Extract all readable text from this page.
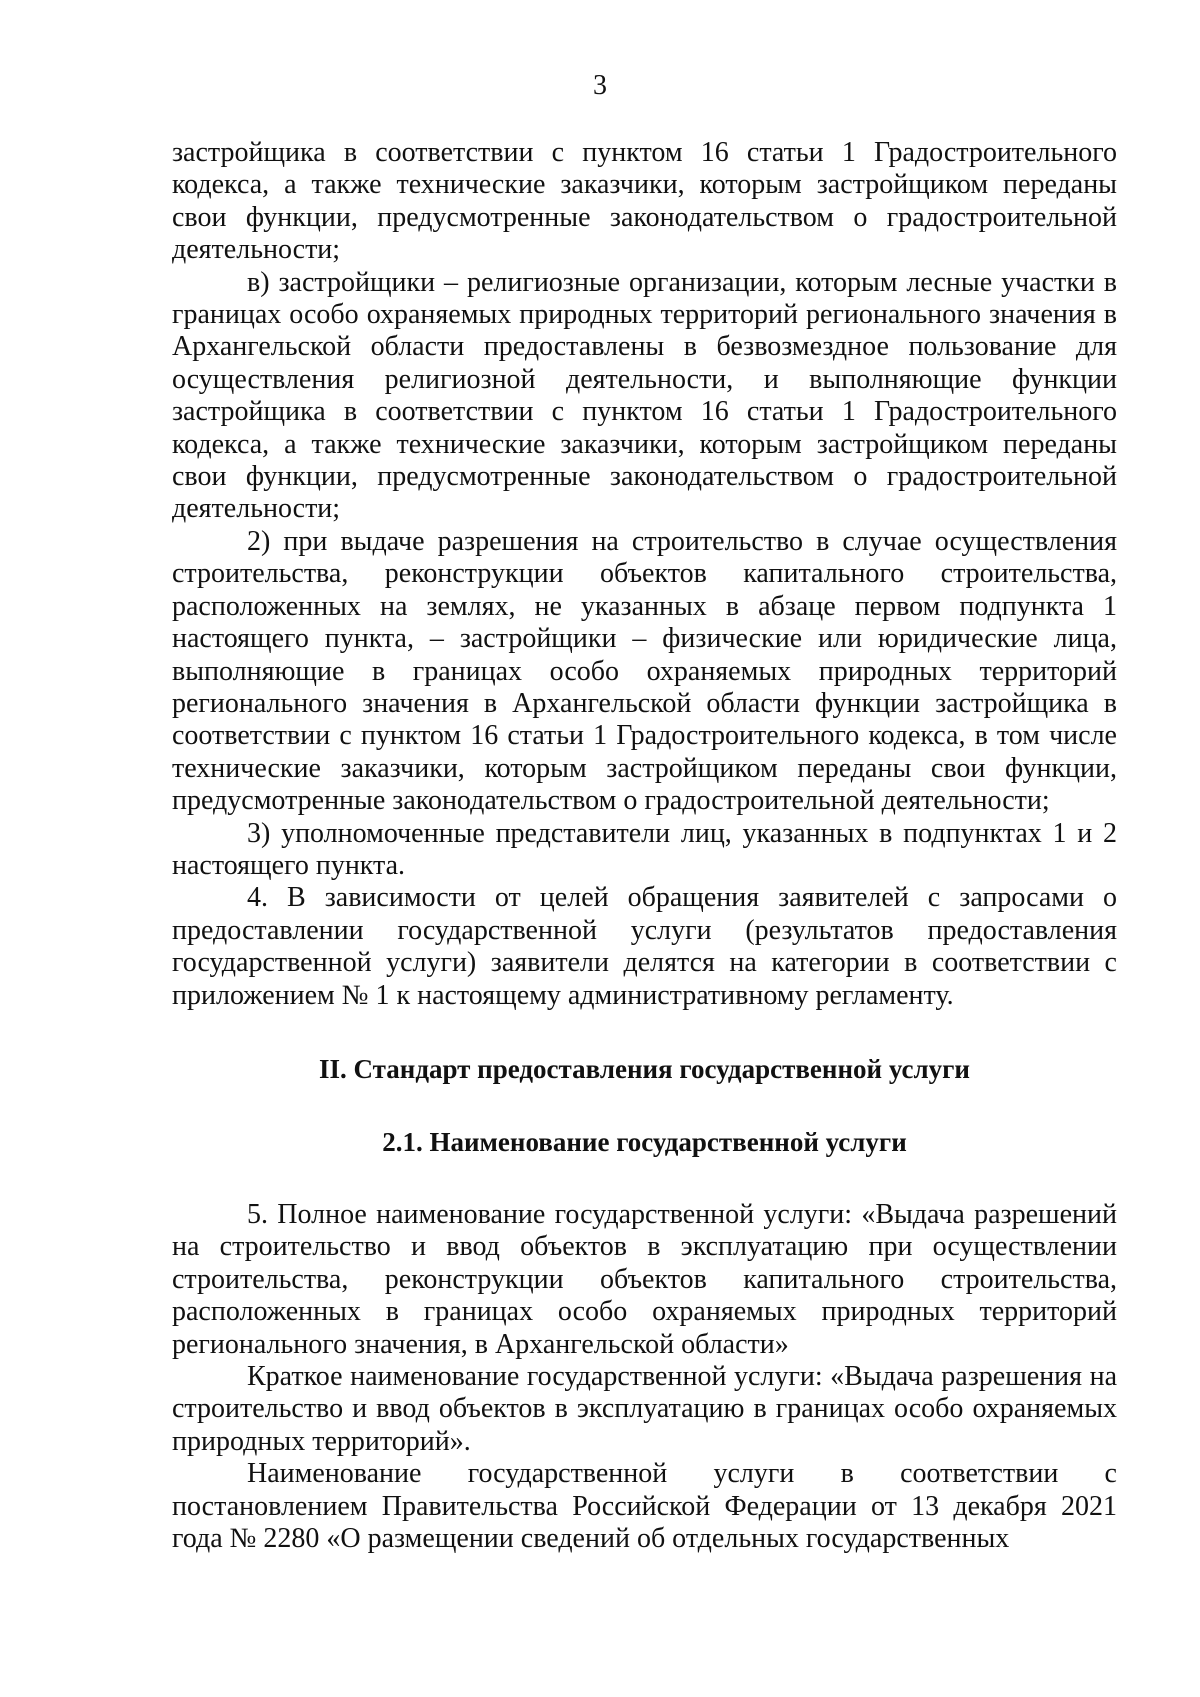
3

застройщика в соответствии с пунктом 16 статьи 1 Градостроительного кодекса, а также технические заказчики, которым застройщиком переданы свои функции, предусмотренные законодательством о градостроительной деятельности;

в) застройщики – религиозные организации, которым лесные участки в границах особо охраняемых природных территорий регионального значения в Архангельской области предоставлены в безвозмездное пользование для осуществления религиозной деятельности, и выполняющие функции застройщика в соответствии с пунктом 16 статьи 1 Градостроительного кодекса, а также технические заказчики, которым застройщиком переданы свои функции, предусмотренные законодательством о градостроительной деятельности;

2) при выдаче разрешения на строительство в случае осуществления строительства, реконструкции объектов капитального строительства, расположенных на землях, не указанных в абзаце первом подпункта 1 настоящего пункта, – застройщики – физические или юридические лица, выполняющие в границах особо охраняемых природных территорий регионального значения в Архангельской области функции застройщика в соответствии с пунктом 16 статьи 1 Градостроительного кодекса, в том числе технические заказчики, которым застройщиком переданы свои функции, предусмотренные законодательством о градостроительной деятельности;

3) уполномоченные представители лиц, указанных в подпунктах 1 и 2 настоящего пункта.

4. В зависимости от целей обращения заявителей с запросами о предоставлении государственной услуги (результатов предоставления государственной услуги) заявители делятся на категории в соответствии с приложением № 1 к настоящему административному регламенту.

II. Стандарт предоставления государственной услуги
2.1. Наименование государственной услуги

5. Полное наименование государственной услуги: «Выдача разрешений на строительство и ввод объектов в эксплуатацию при осуществлении строительства, реконструкции объектов капитального строительства, расположенных в границах особо охраняемых природных территорий регионального значения, в Архангельской области»

Краткое наименование государственной услуги: «Выдача разрешения на строительство и ввод объектов в эксплуатацию в границах особо охраняемых природных территорий».

Наименование государственной услуги в соответствии с постановлением Правительства Российской Федерации от 13 декабря 2021 года № 2280 «О размещении сведений об отдельных государственных
